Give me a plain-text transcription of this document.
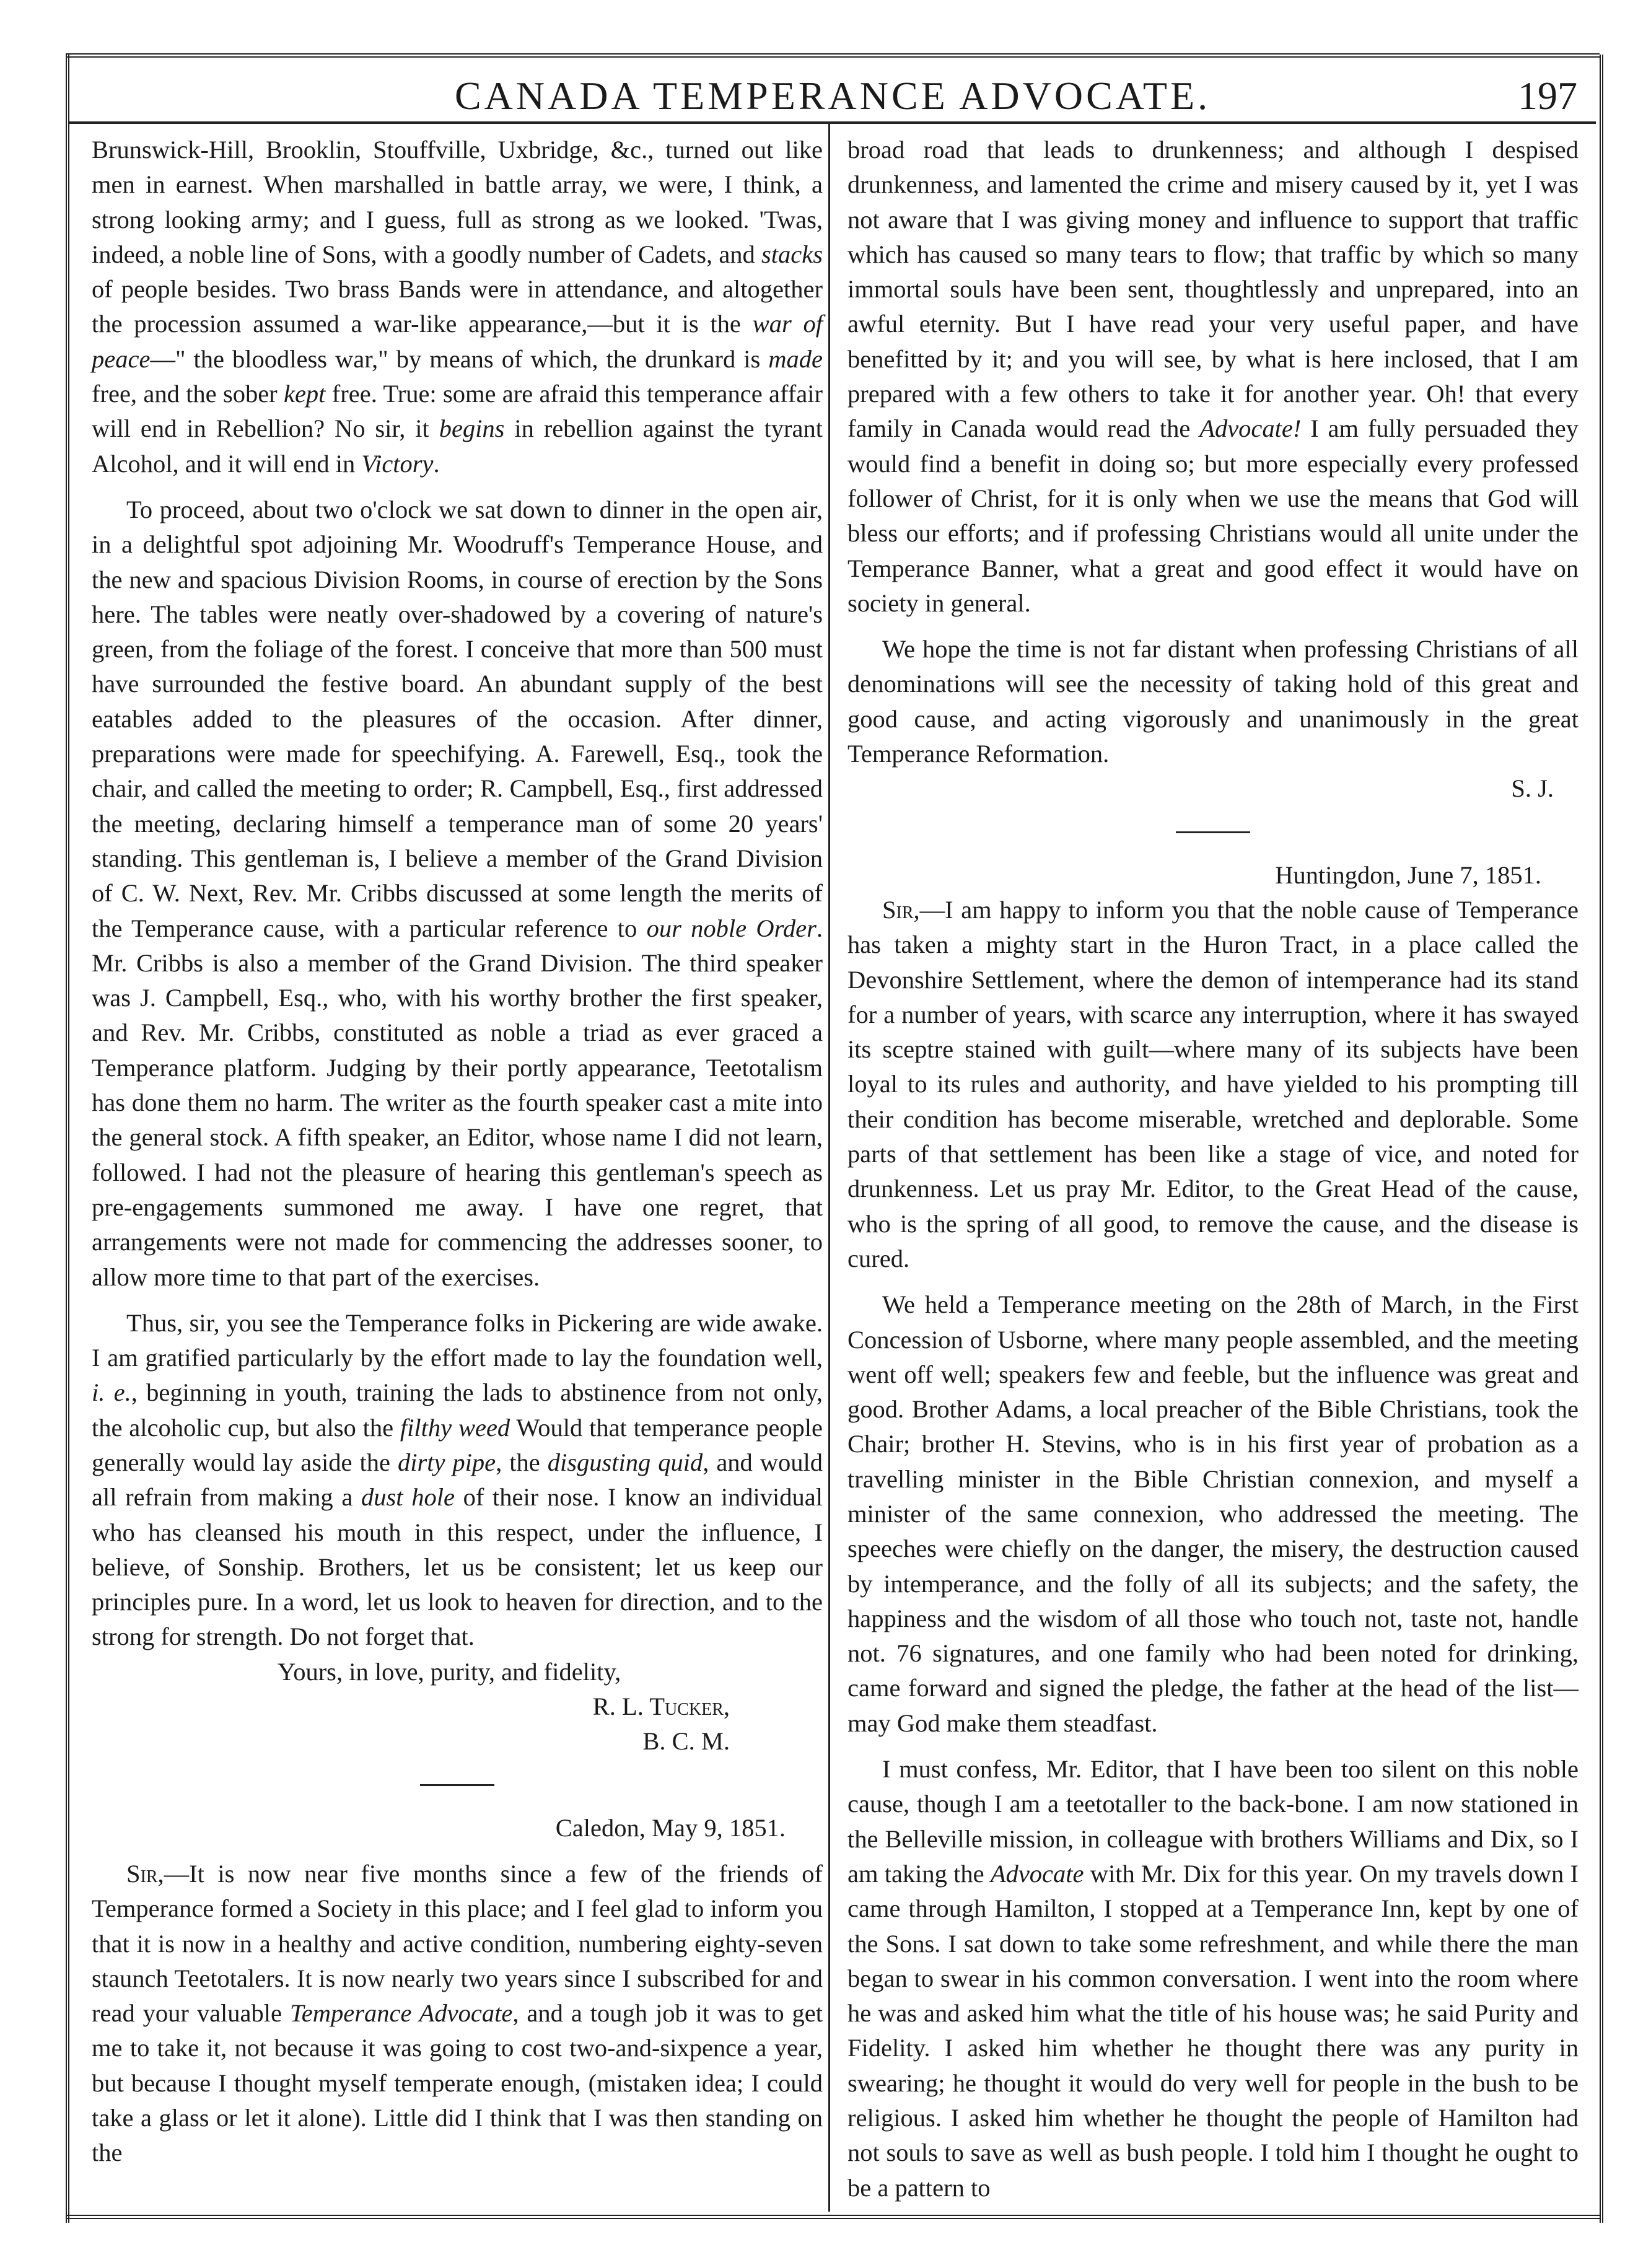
CANADA TEMPERANCE ADVOCATE.	197

Brunswick-Hill, Brooklin, Stouffville, Uxbridge, &c., turned out like men in earnest. When marshalled in battle array, we were, I think, a strong looking army; and I guess, full as strong as we looked. 'Twas, indeed, a noble line of Sons, with a goodly number of Cadets, and stacks of people besides. Two brass Bands were in attendance, and altogether the procession assumed a war-like appearance,—but it is the war of peace—" the bloodless war," by means of which, the drunkard is made free, and the sober kept free. True: some are afraid this temperance affair will end in Rebellion? No sir, it begins in rebellion against the tyrant Alcohol, and it will end in Victory.

To proceed, about two o'clock we sat down to dinner in the open air, in a delightful spot adjoining Mr. Woodruff's Temperance House, and the new and spacious Division Rooms, in course of erection by the Sons here. The tables were neatly over-shadowed by a covering of nature's green, from the foliage of the forest. I conceive that more than 500 must have surrounded the festive board. An abundant supply of the best eatables added to the pleasures of the occasion. After dinner, preparations were made for speechifying. A. Farewell, Esq., took the chair, and called the meeting to order; R. Campbell, Esq., first addressed the meeting, declaring himself a temperance man of some 20 years' standing. This gentleman is, I believe a member of the Grand Division of C. W. Next, Rev. Mr. Cribbs discussed at some length the merits of the Temperance cause, with a particular reference to our noble Order. Mr. Cribbs is also a member of the Grand Division. The third speaker was J. Campbell, Esq., who, with his worthy brother the first speaker, and Rev. Mr. Cribbs, constituted as noble a triad as ever graced a Temperance platform. Judging by their portly appearance, Teetotalism has done them no harm. The writer as the fourth speaker cast a mite into the general stock. A fifth speaker, an Editor, whose name I did not learn, followed. I had not the pleasure of hearing this gentleman's speech as pre-engagements summoned me away. I have one regret, that arrangements were not made for commencing the addresses sooner, to allow more time to that part of the exercises.

Thus, sir, you see the Temperance folks in Pickering are wide awake. I am gratified particularly by the effort made to lay the foundation well, i. e., beginning in youth, training the lads to abstinence from not only, the alcoholic cup, but also the filthy weed Would that temperance people generally would lay aside the dirty pipe, the disgusting quid, and would all refrain from making a dust hole of their nose. I know an individual who has cleansed his mouth in this respect, under the influence, I believe, of Sonship. Brothers, let us be consistent; let us keep our principles pure. In a word, let us look to heaven for direction, and to the strong for strength. Do not forget that.

Yours, in love, purity, and fidelity,

R. L. Tucker,

B. C. M.

Caledon, May 9, 1851.

Sir,—It is now near five months since a few of the friends of Temperance formed a Society in this place; and I feel glad to inform you that it is now in a healthy and active condition, numbering eighty-seven staunch Teetotalers. It is now nearly two years since I subscribed for and read your valuable Temperance Advocate, and a tough job it was to get me to take it, not because it was going to cost two-and-sixpence a year, but because I thought myself temperate enough, (mistaken idea; I could take a glass or let it alone). Little did I think that I was then standing on the

broad road that leads to drunkenness; and although I despised drunkenness, and lamented the crime and misery caused by it, yet I was not aware that I was giving money and influence to support that traffic which has caused so many tears to flow; that traffic by which so many immortal souls have been sent, thoughtlessly and unprepared, into an awful eternity. But I have read your very useful paper, and have benefitted by it; and you will see, by what is here inclosed, that I am prepared with a few others to take it for another year. Oh! that every family in Canada would read the Advocate! I am fully persuaded they would find a benefit in doing so; but more especially every professed follower of Christ, for it is only when we use the means that God will bless our efforts; and if professing Christians would all unite under the Temperance Banner, what a great and good effect it would have on society in general.

We hope the time is not far distant when professing Christians of all denominations will see the necessity of taking hold of this great and good cause, and acting vigorously and unanimously in the great Temperance Reformation.

S. J.

Huntingdon, June 7, 1851.

Sir,—I am happy to inform you that the noble cause of Temperance has taken a mighty start in the Huron Tract, in a place called the Devonshire Settlement, where the demon of intemperance had its stand for a number of years, with scarce any interruption, where it has swayed its sceptre stained with guilt—where many of its subjects have been loyal to its rules and authority, and have yielded to his prompting till their condition has become miserable, wretched and deplorable. Some parts of that settlement has been like a stage of vice, and noted for drunkenness. Let us pray Mr. Editor, to the Great Head of the cause, who is the spring of all good, to remove the cause, and the disease is cured.

We held a Temperance meeting on the 28th of March, in the First Concession of Usborne, where many people assembled, and the meeting went off well; speakers few and feeble, but the influence was great and good. Brother Adams, a local preacher of the Bible Christians, took the Chair; brother H. Stevins, who is in his first year of probation as a travelling minister in the Bible Christian connexion, and myself a minister of the same connexion, who addressed the meeting. The speeches were chiefly on the danger, the misery, the destruction caused by intemperance, and the folly of all its subjects; and the safety, the happiness and the wisdom of all those who touch not, taste not, handle not. 76 signatures, and one family who had been noted for drinking, came forward and signed the pledge, the father at the head of the list—may God make them steadfast.

I must confess, Mr. Editor, that I have been too silent on this noble cause, though I am a teetotaller to the back-bone. I am now stationed in the Belleville mission, in colleague with brothers Williams and Dix, so I am taking the Advocate with Mr. Dix for this year. On my travels down I came through Hamilton, I stopped at a Temperance Inn, kept by one of the Sons. I sat down to take some refreshment, and while there the man began to swear in his common conversation. I went into the room where he was and asked him what the title of his house was; he said Purity and Fidelity. I asked him whether he thought there was any purity in swearing; he thought it would do very well for people in the bush to be religious. I asked him whether he thought the people of Hamilton had not souls to save as well as bush people. I told him I thought he ought to be a pattern to
